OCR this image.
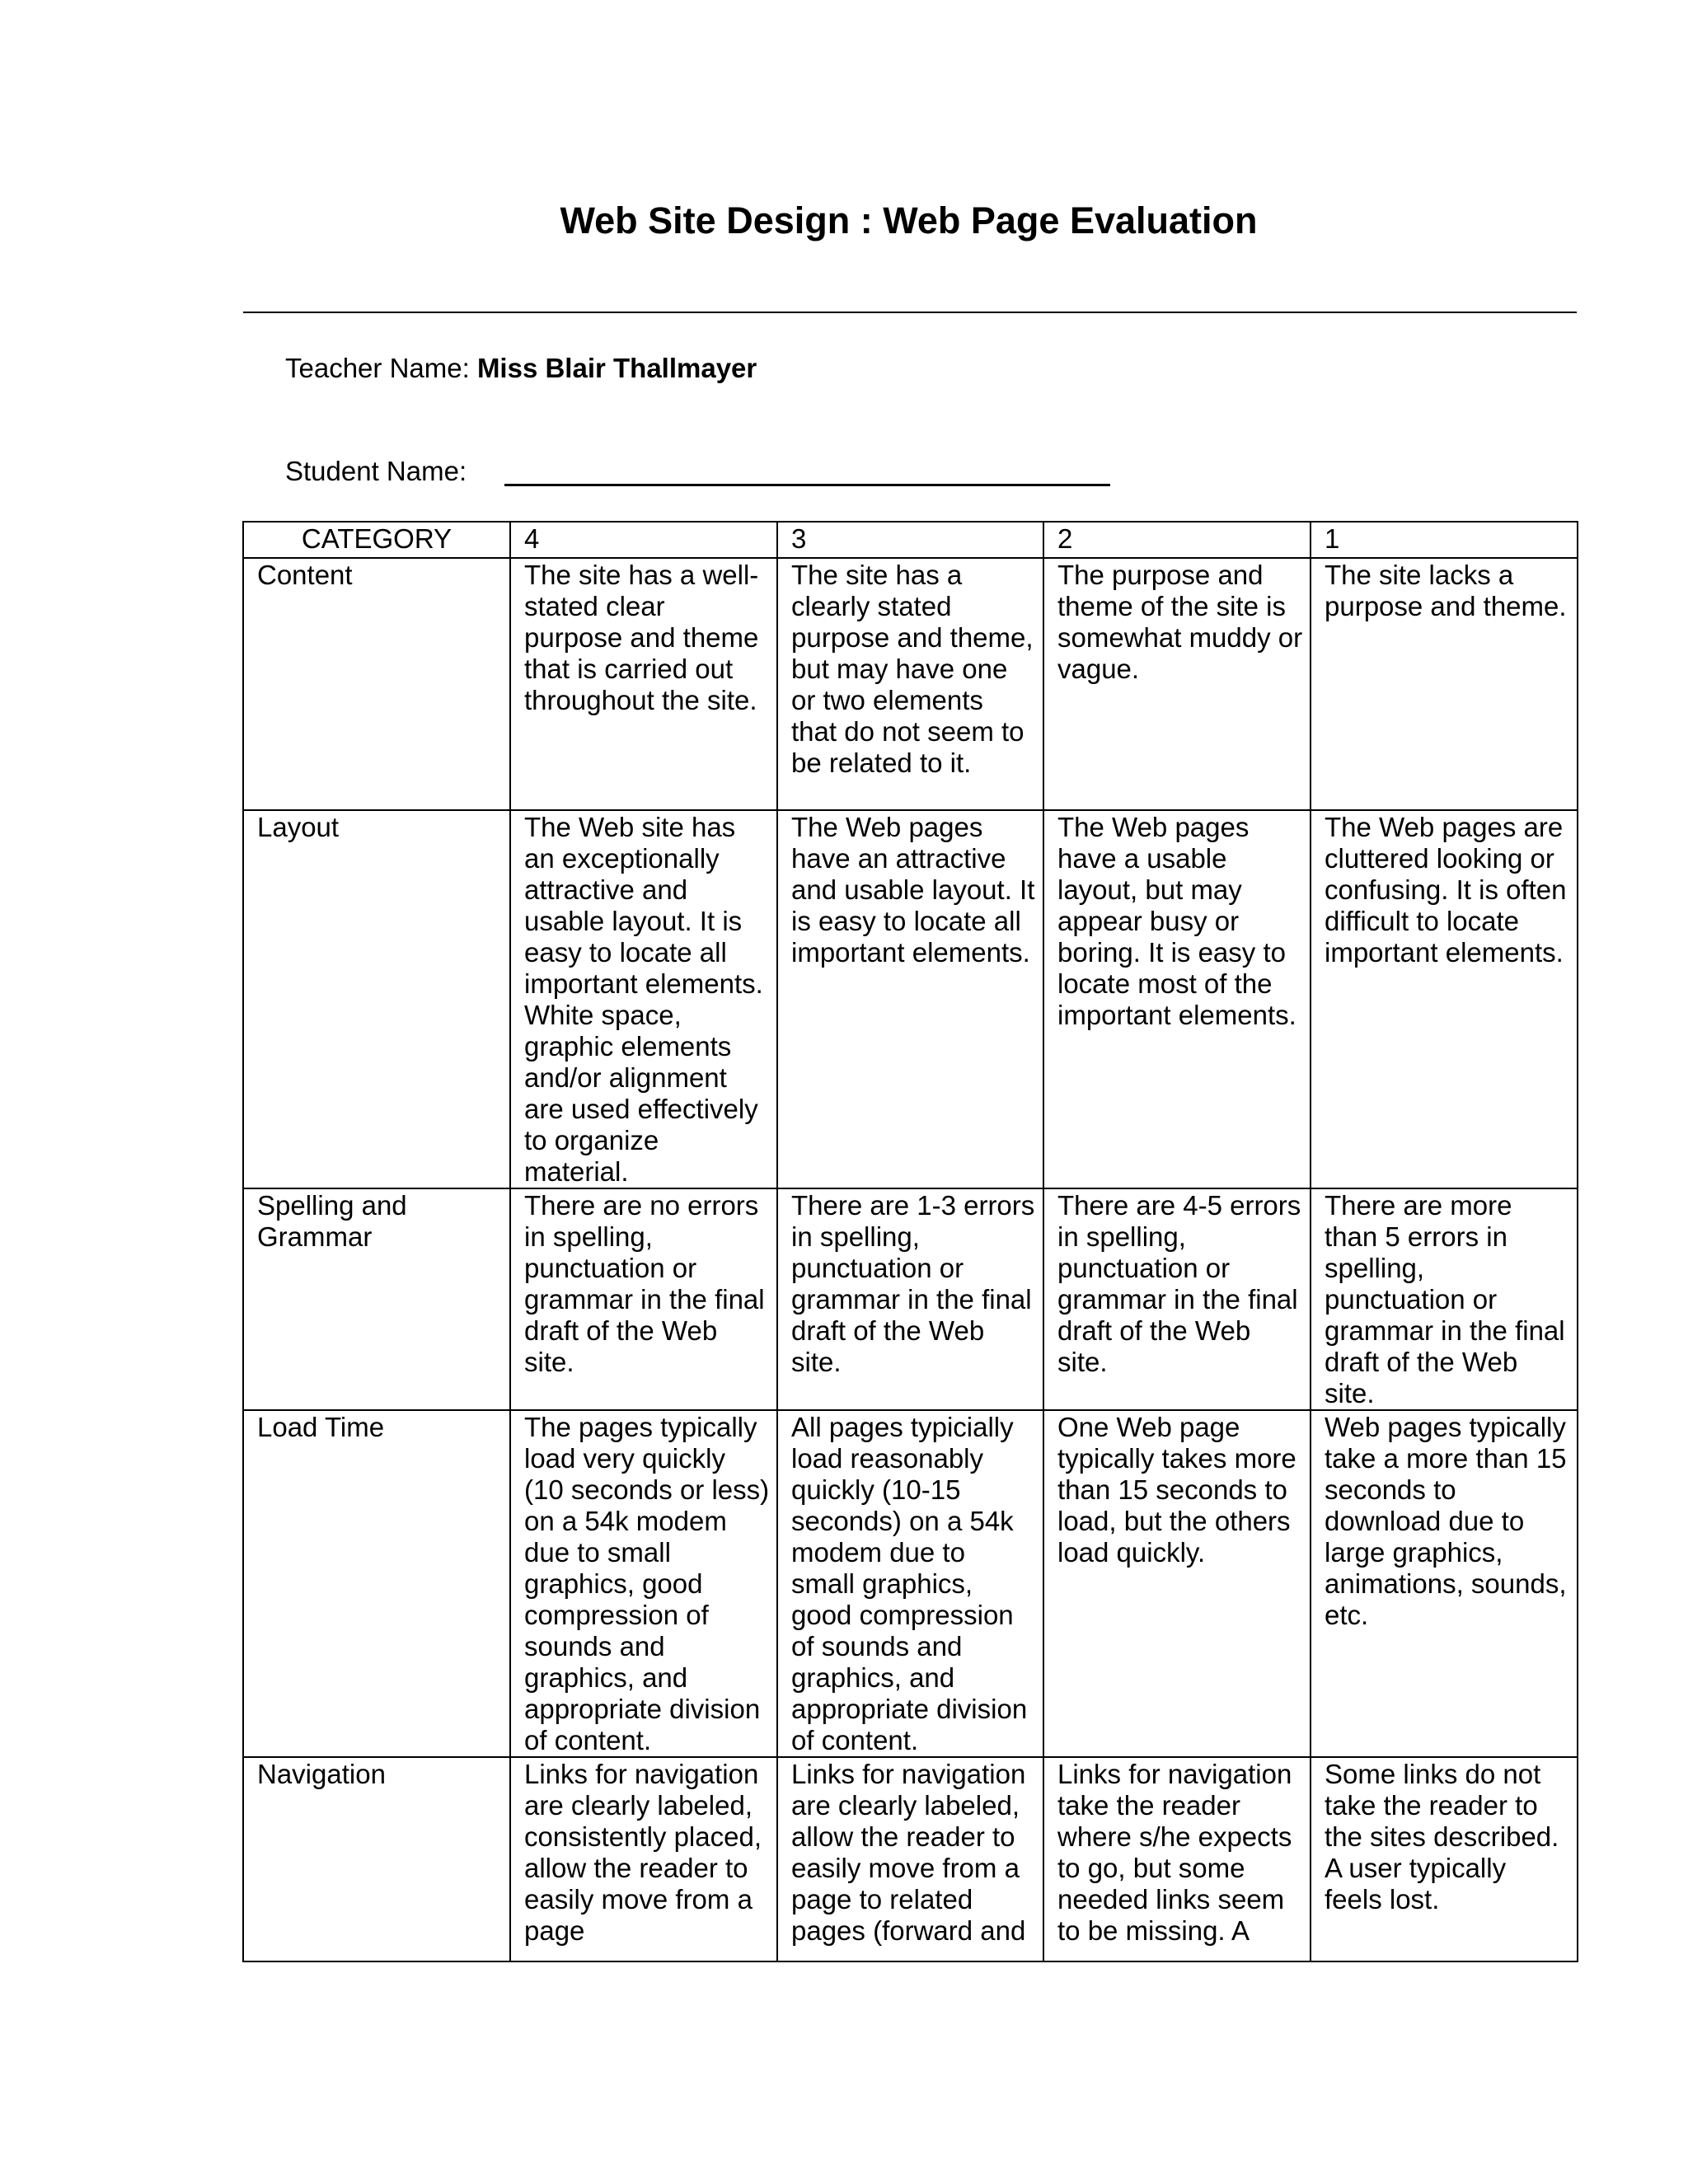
Web Site Design : Web Page Evaluation
Teacher Name: Miss Blair Thallmayer
Student Name:
CATEGORY	4	3	2	1
Content	The site has a well-stated clear purpose and theme that is carried out throughout the site.	The site has a clearly stated purpose and theme, but may have one or two elements that do not seem to be related to it.	The purpose and theme of the site is somewhat muddy or vague.	The site lacks a purpose and theme.
Layout	The Web site has an exceptionally attractive and usable layout. It is easy to locate all important elements. White space, graphic elements and/or alignment are used effectively to organize material.	The Web pages have an attractive and usable layout. It is easy to locate all important elements.	The Web pages have a usable layout, but may appear busy or boring. It is easy to locate most of the important elements.	The Web pages are cluttered looking or confusing. It is often difficult to locate important elements.
Spelling and Grammar	There are no errors in spelling, punctuation or grammar in the final draft of the Web site.	There are 1-3 errors in spelling, punctuation or grammar in the final draft of the Web site.	There are 4-5 errors in spelling, punctuation or grammar in the final draft of the Web site.	There are more than 5 errors in spelling, punctuation or grammar in the final draft of the Web site.
Load Time	The pages typically load very quickly (10 seconds or less) on a 54k modem due to small graphics, good compression of sounds and graphics, and appropriate division of content.	All pages typicially load reasonably quickly (10-15 seconds) on a 54k modem due to small graphics, good compression of sounds and graphics, and appropriate division of content.	One Web page typically takes more than 15 seconds to load, but the others load quickly.	Web pages typically take a more than 15 seconds to download due to large graphics, animations, sounds, etc.
Navigation	Links for navigation are clearly labeled, consistently placed, allow the reader to easily move from a page	Links for navigation are clearly labeled, allow the reader to easily move from a page to related pages (forward and	Links for navigation take the reader where s/he expects to go, but some needed links seem to be missing. A	Some links do not take the reader to the sites described. A user typically feels lost.
